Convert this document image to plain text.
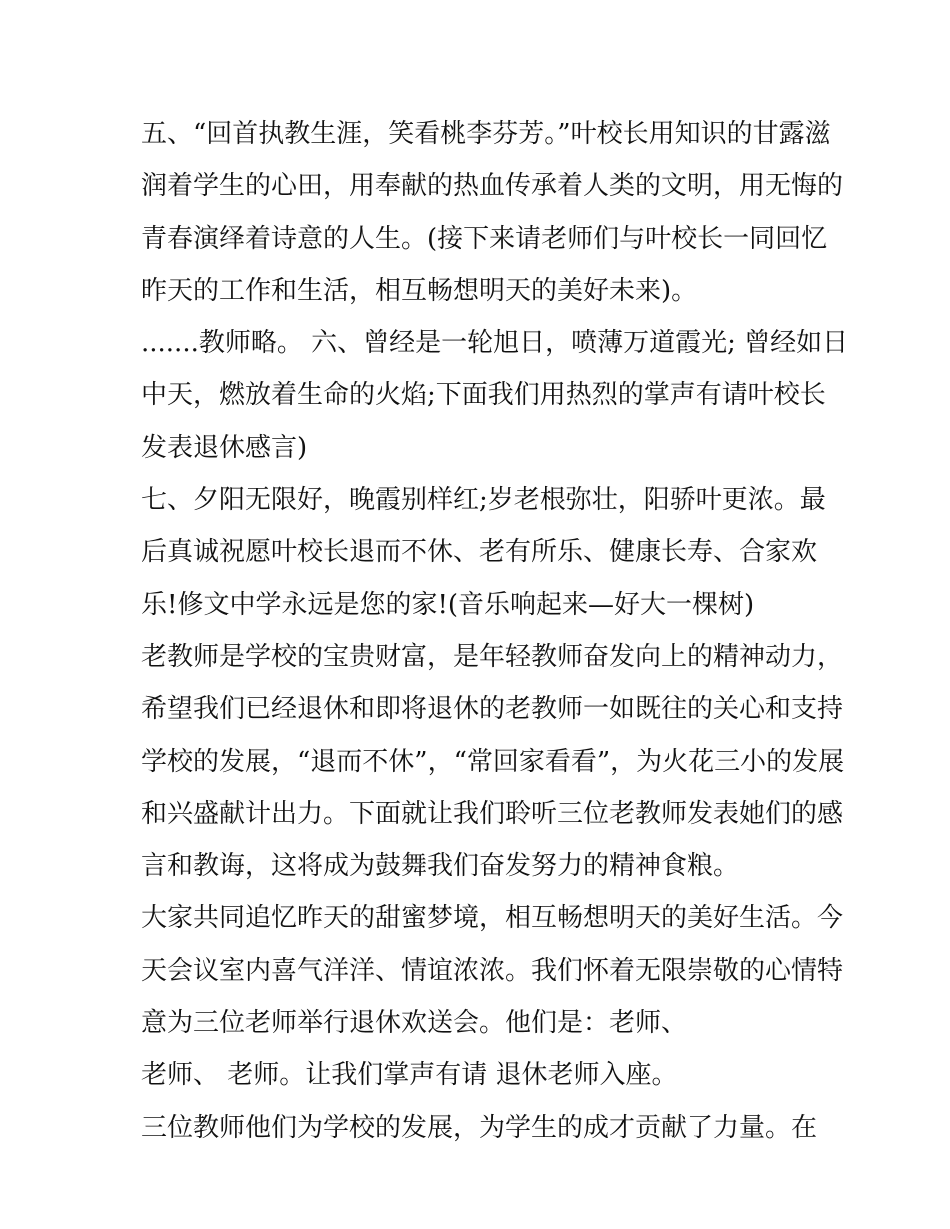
五、“回首执教生涯，笑看桃李芬芳。”叶校长用知识的甘露滋
润着学生的心田，用奉献的热血传承着人类的文明，用无悔的
青春演绎着诗意的人生。(接下来请老师们与叶校长一同回忆
昨天的工作和生活，相互畅想明天的美好未来)。
.......教师略。 六、曾经是一轮旭日，喷薄万道霞光; 曾经如日
中天，燃放着生命的火焰;下面我们用热烈的掌声有请叶校长
发表退休感言)
七、夕阳无限好，晚霞别样红;岁老根弥壮，阳骄叶更浓。最
后真诚祝愿叶校长退而不休、老有所乐、健康长寿、合家欢
乐!修文中学永远是您的家!(音乐响起来—好大一棵树)
老教师是学校的宝贵财富，是年轻教师奋发向上的精神动力，
希望我们已经退休和即将退休的老教师一如既往的关心和支持
学校的发展，“退而不休”，“常回家看看”，为火花三小的发展
和兴盛献计出力。下面就让我们聆听三位老教师发表她们的感
言和教诲，这将成为鼓舞我们奋发努力的精神食粮。
大家共同追忆昨天的甜蜜梦境，相互畅想明天的美好生活。今
天会议室内喜气洋洋、情谊浓浓。我们怀着无限崇敬的心情特
意为三位老师举行退休欢送会。他们是：老师、
老师、 老师。让我们掌声有请 退休老师入座。
三位教师他们为学校的发展，为学生的成才贡献了力量。在
